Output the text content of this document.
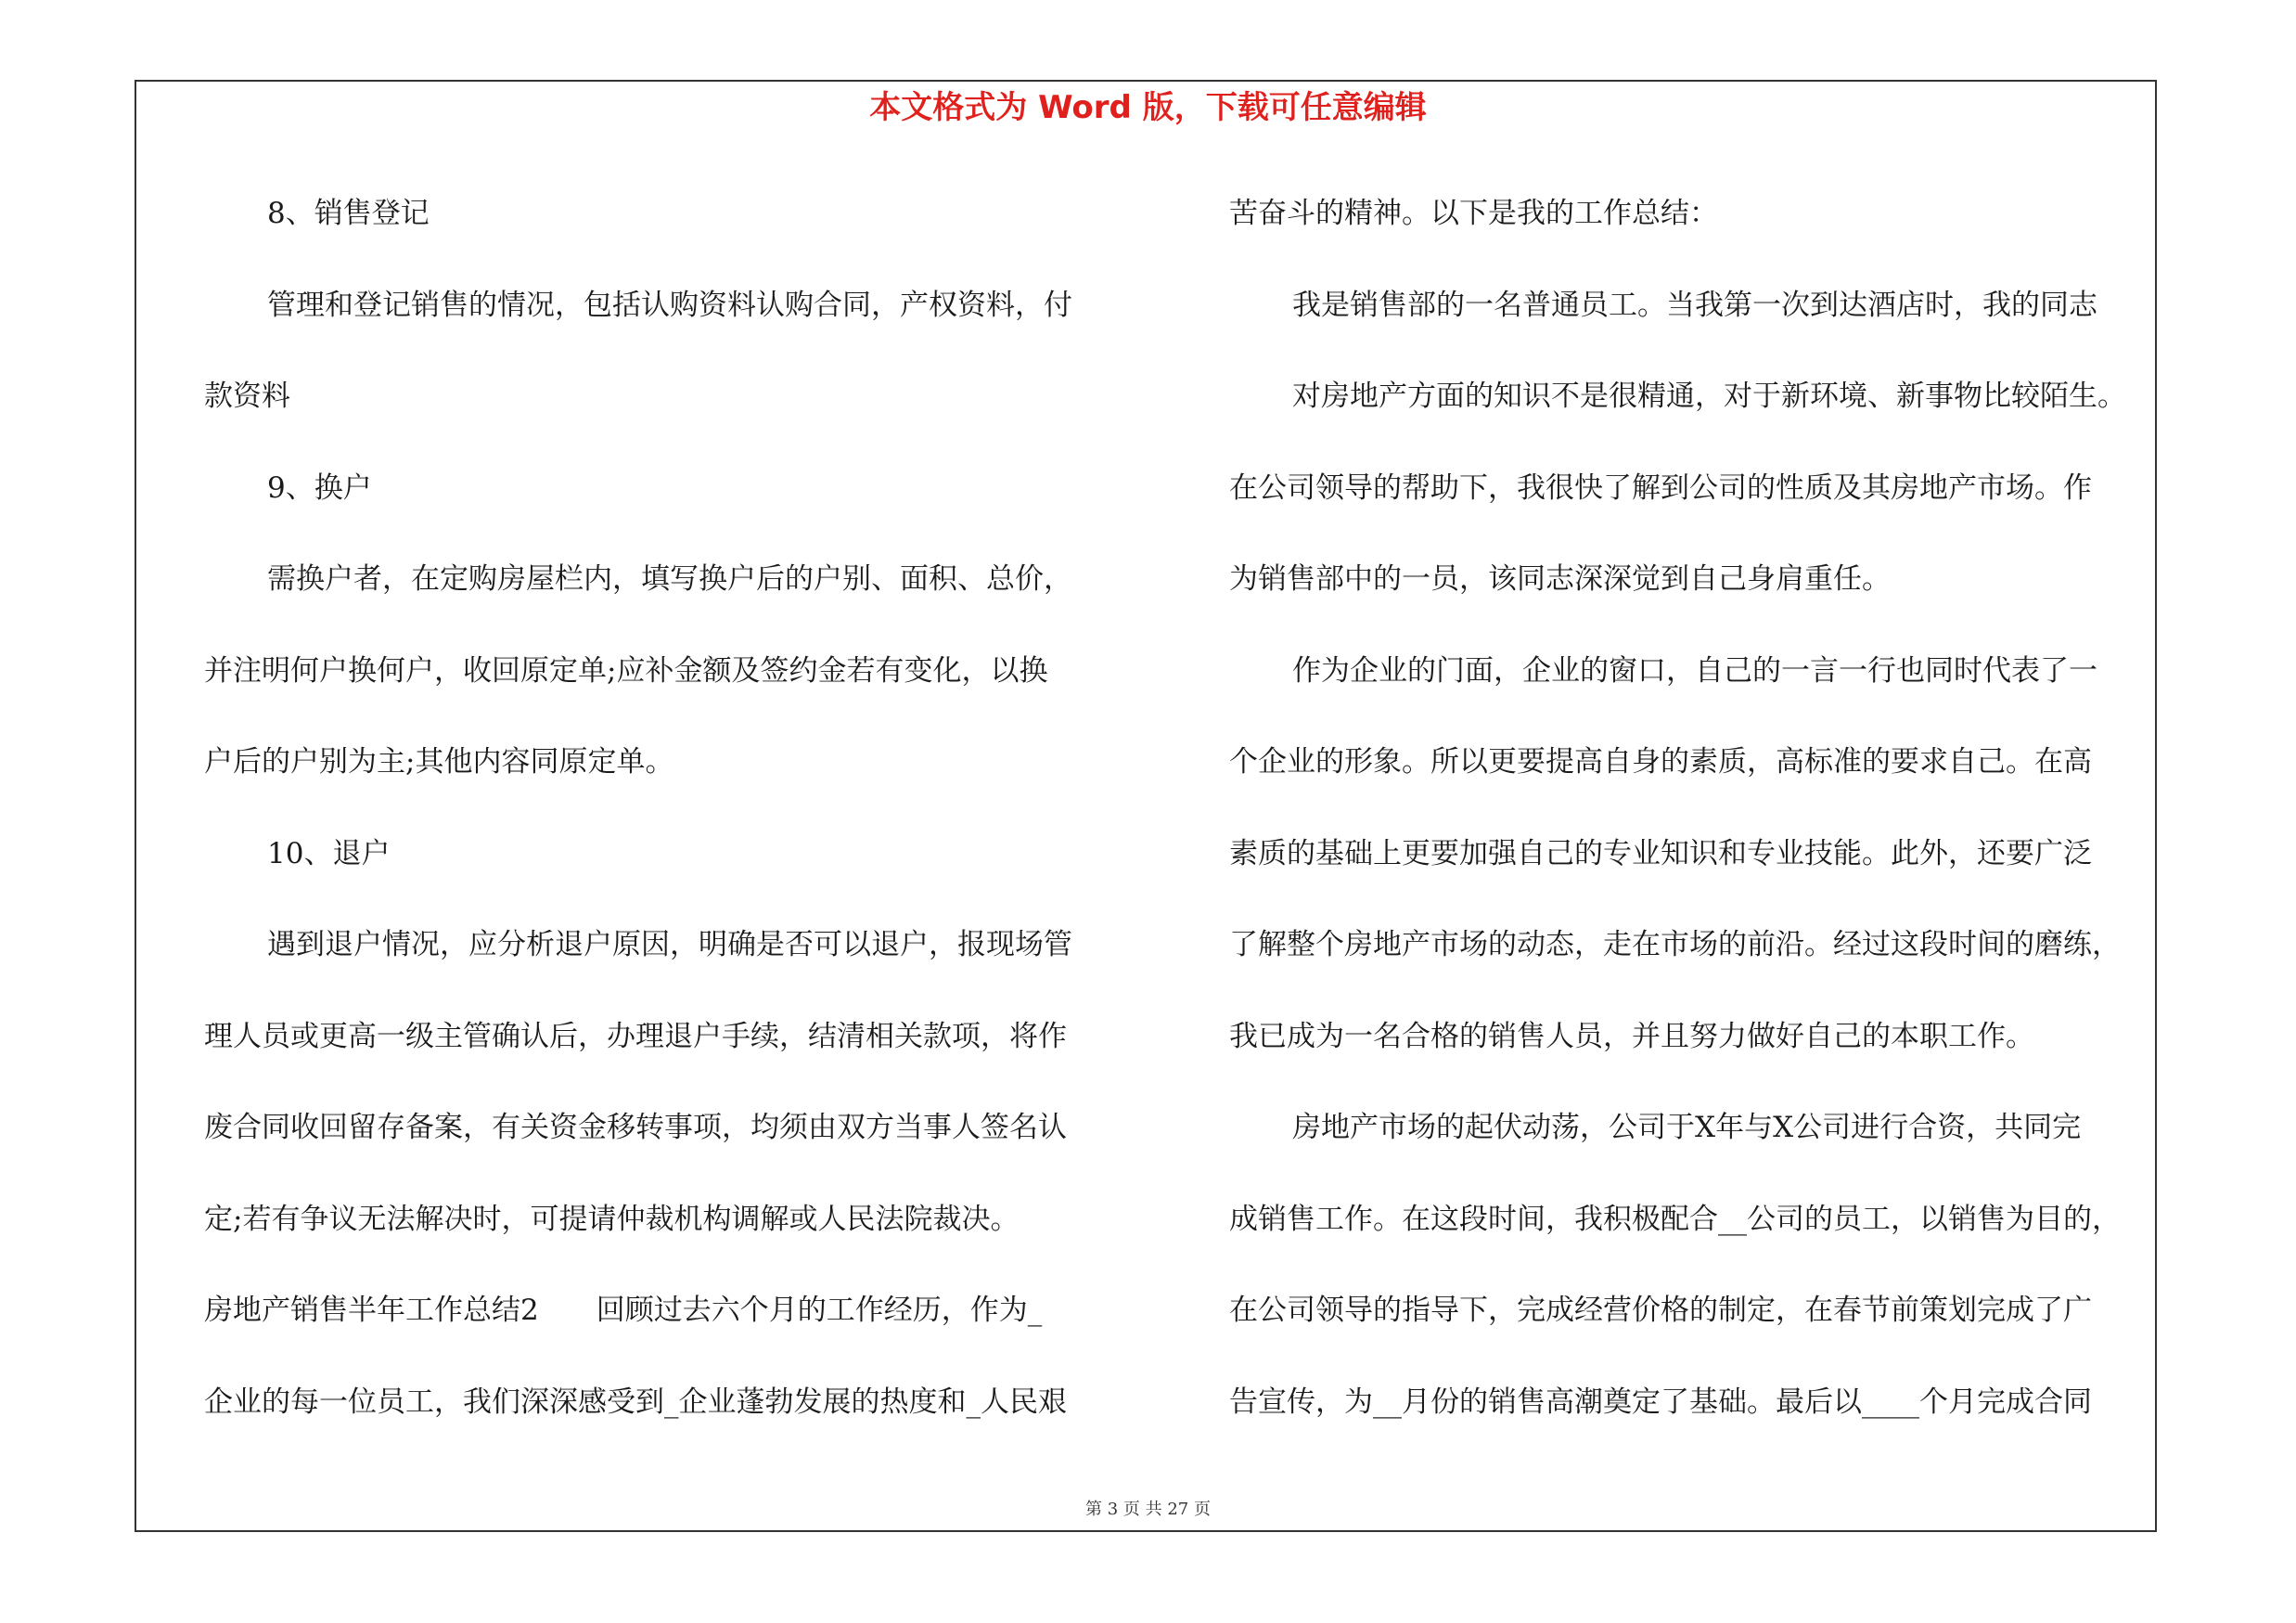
本文格式为 Word 版，下载可任意编辑
8、销售登记
管理和登记销售的情况，包括认购资料认购合同，产权资料，付
款资料
9、换户
需换户者，在定购房屋栏内，填写换户后的户别、面积、总价，
并注明何户换何户，收回原定单;应补金额及签约金若有变化，以换
户后的户别为主;其他内容同原定单。
10、退户
遇到退户情况，应分析退户原因，明确是否可以退户，报现场管
理人员或更高一级主管确认后，办理退户手续，结清相关款项，将作
废合同收回留存备案，有关资金移转事项，均须由双方当事人签名认
定;若有争议无法解决时，可提请仲裁机构调解或人民法院裁决。
房地产销售半年工作总结2　　回顾过去六个月的工作经历，作为_
企业的每一位员工，我们深深感受到_企业蓬勃发展的热度和_人民艰
苦奋斗的精神。以下是我的工作总结：
我是销售部的一名普通员工。当我第一次到达酒店时，我的同志
对房地产方面的知识不是很精通，对于新环境、新事物比较陌生。
在公司领导的帮助下，我很快了解到公司的性质及其房地产市场。作
为销售部中的一员，该同志深深觉到自己身肩重任。
作为企业的门面，企业的窗口，自己的一言一行也同时代表了一
个企业的形象。所以更要提高自身的素质，高标准的要求自己。在高
素质的基础上更要加强自己的专业知识和专业技能。此外，还要广泛
了解整个房地产市场的动态，走在市场的前沿。经过这段时间的磨练，
我已成为一名合格的销售人员，并且努力做好自己的本职工作。
房地产市场的起伏动荡，公司于X年与X公司进行合资，共同完
成销售工作。在这段时间，我积极配合__公司的员工，以销售为目的，
在公司领导的指导下，完成经营价格的制定，在春节前策划完成了广
告宣传，为__月份的销售高潮奠定了基础。最后以____个月完成合同
第 3 页 共 27 页
